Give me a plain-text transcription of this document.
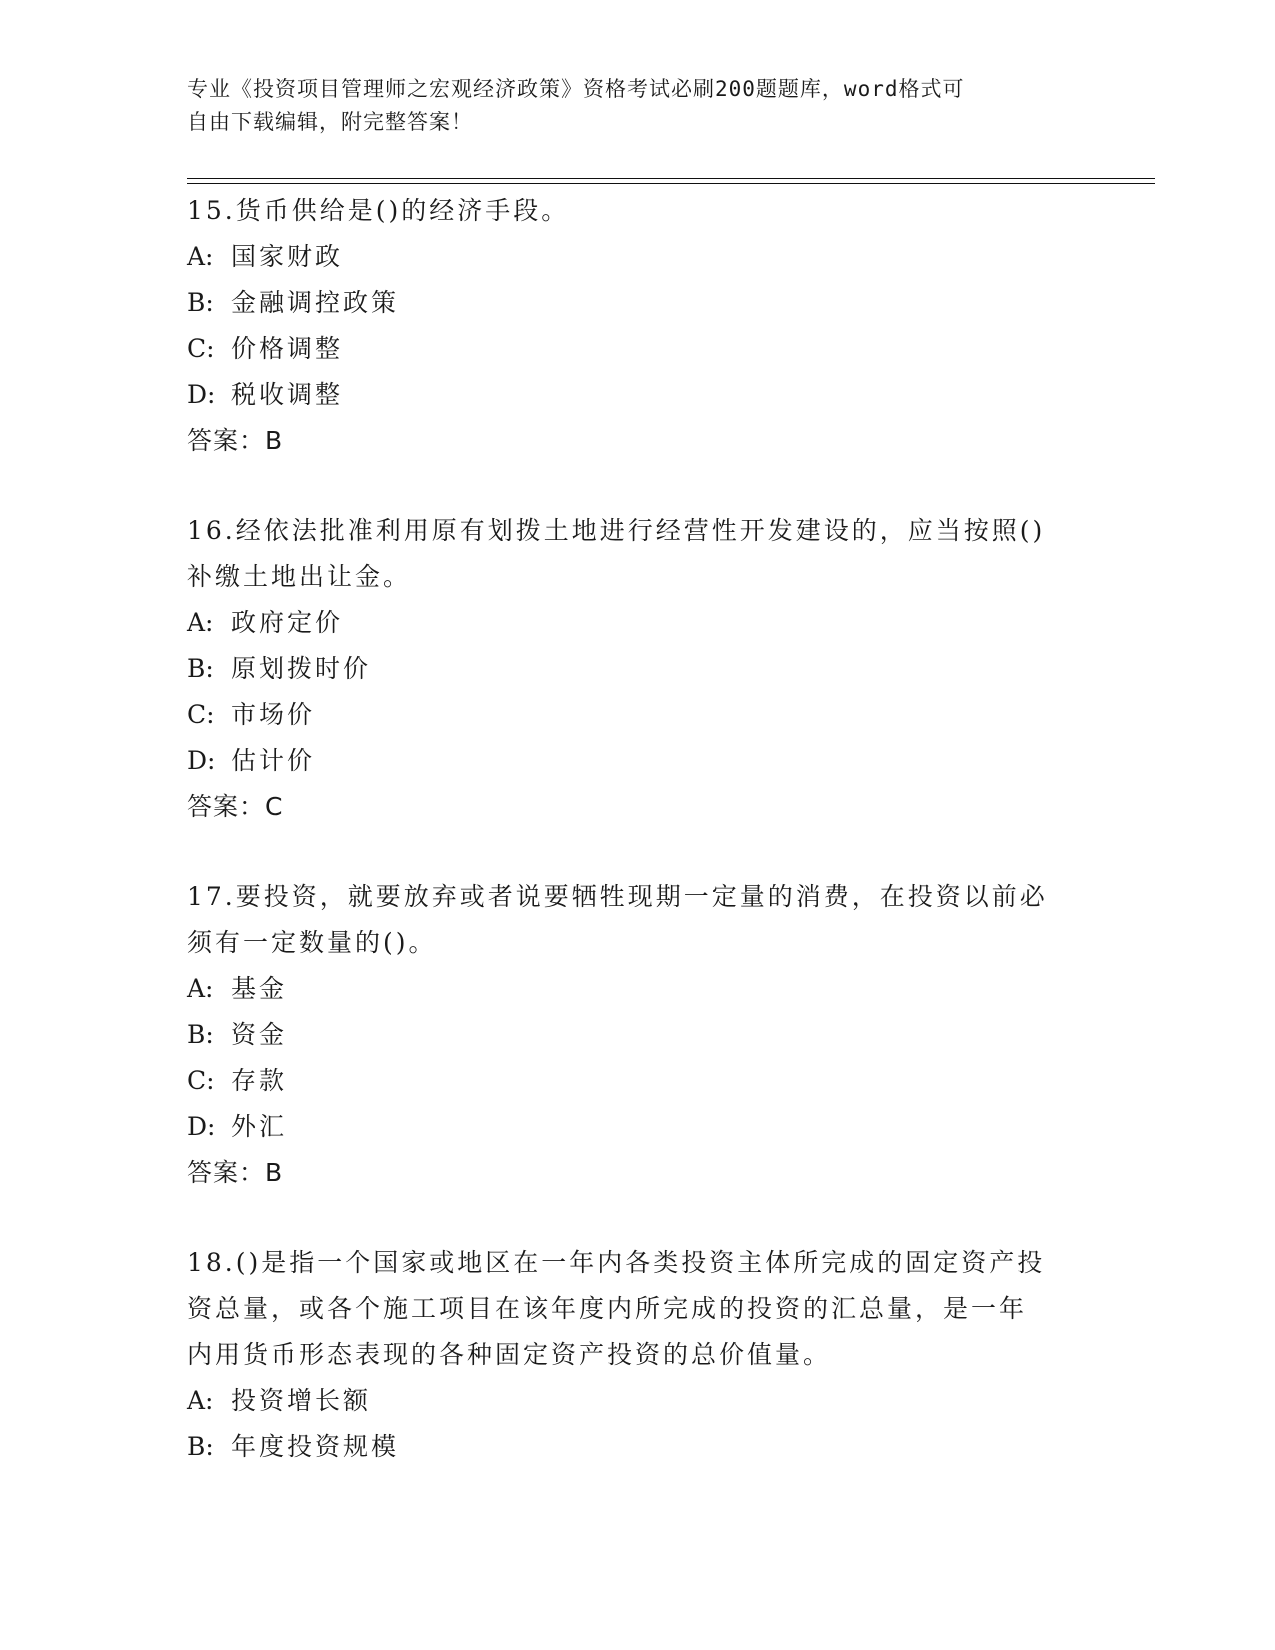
专业《投资项目管理师之宏观经济政策》资格考试必刷200题题库，word格式可
自由下载编辑，附完整答案！

15.货币供给是()的经济手段。

A: 国家财政

B: 金融调控政策

C: 价格调整

D: 税收调整

答案：B

16.经依法批准利用原有划拨土地进行经营性开发建设的，应当按照()

补缴土地出让金。

A: 政府定价

B: 原划拨时价

C: 市场价

D: 估计价

答案：C

17.要投资，就要放弃或者说要牺牲现期一定量的消费，在投资以前必

须有一定数量的()。

A: 基金

B: 资金

C: 存款

D: 外汇

答案：B

18.()是指一个国家或地区在一年内各类投资主体所完成的固定资产投

资总量，或各个施工项目在该年度内所完成的投资的汇总量，是一年

内用货币形态表现的各种固定资产投资的总价值量。

A: 投资增长额

B: 年度投资规模
